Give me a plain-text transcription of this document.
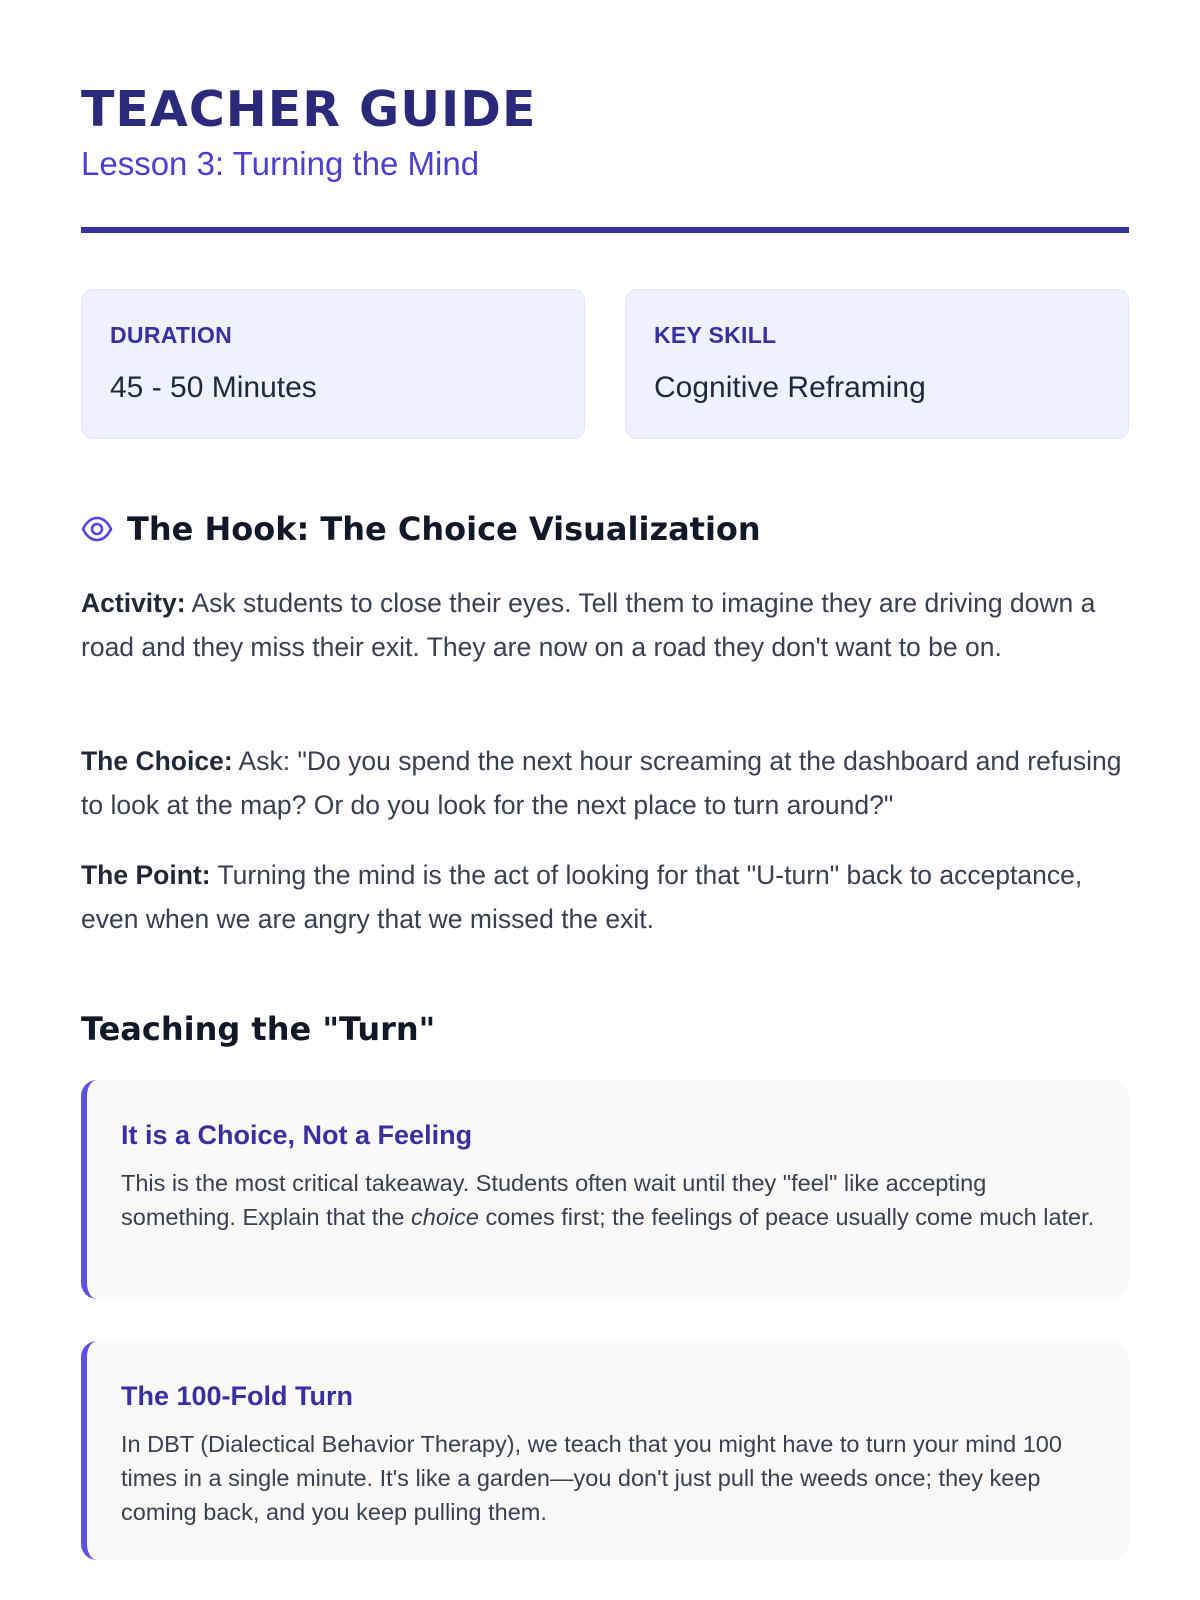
TEACHER GUIDE
Lesson 3: Turning the Mind
DURATION
45 - 50 Minutes
KEY SKILL
Cognitive Reframing
The Hook: The Choice Visualization

Activity: Ask students to close their eyes. Tell them to imagine they are driving down a road and they miss their exit. They are now on a road they don't want to be on.

The Choice: Ask: "Do you spend the next hour screaming at the dashboard and refusing to look at the map? Or do you look for the next place to turn around?"

The Point: Turning the mind is the act of looking for that "U-turn" back to acceptance, even when we are angry that we missed the exit.

Teaching the "Turn"
It is a Choice, Not a Feeling

This is the most critical takeaway. Students often wait until they "feel" like accepting something. Explain that the choice comes first; the feelings of peace usually come much later.

The 100-Fold Turn

In DBT (Dialectical Behavior Therapy), we teach that you might have to turn your mind 100 times in a single minute. It's like a garden—you don't just pull the weeds once; they keep coming back, and you keep pulling them.
